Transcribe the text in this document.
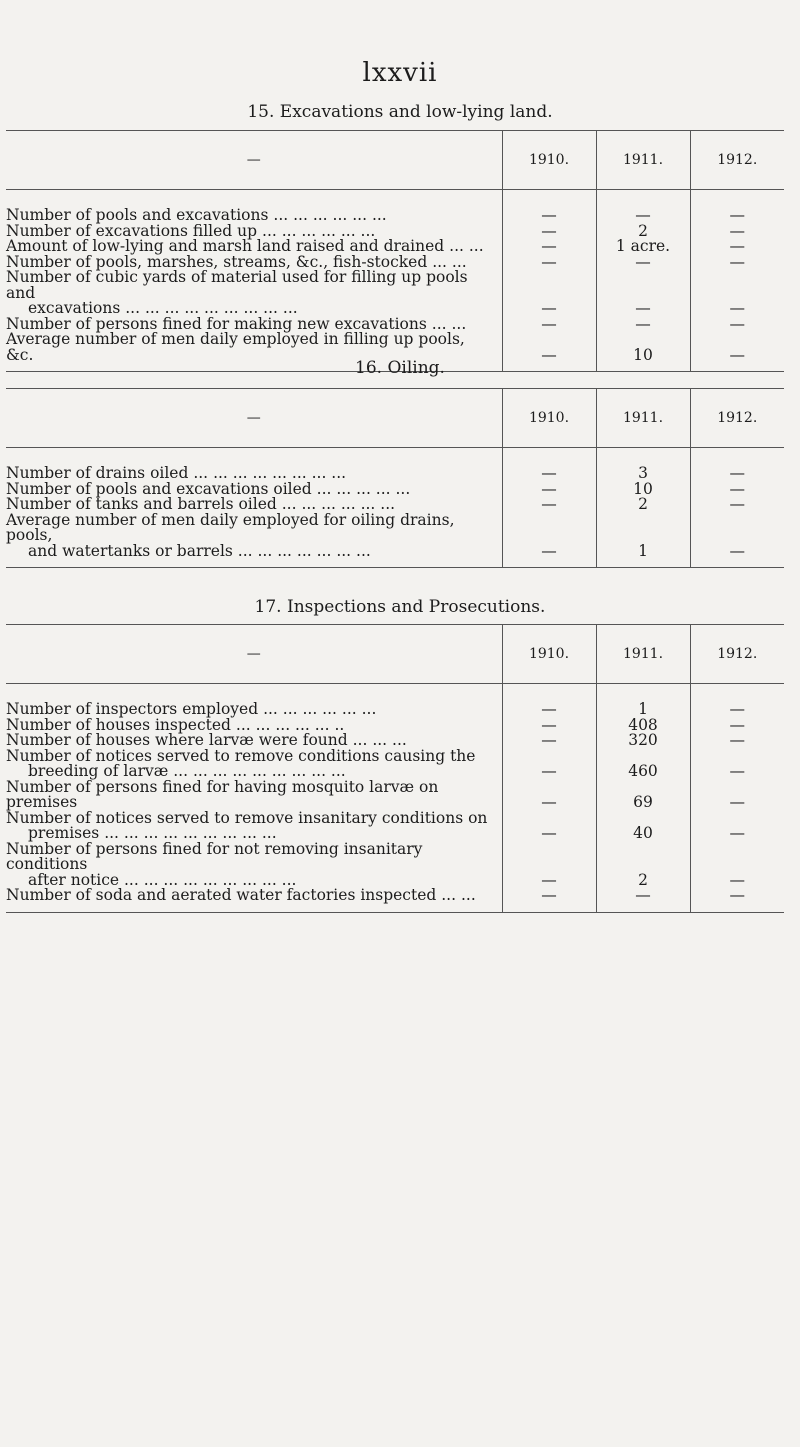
lxxvii
15. Excavations and low-lying land.
—	1910.	1911.	1912.
Number of pools and excavations ... ... ... ... ... ...	—	—	—
Number of excavations filled up ... ... ... ... ... ...	—	2	—
Amount of low-lying and marsh land raised and drained ... ...	—	1 acre.	—
Number of pools, marshes, streams, &c., fish-stocked ... ...	—	—	—
Number of cubic yards of material used for filling up pools and			
excavations ... ... ... ... ... ... ... ... ...	—	—	—
Number of persons fined for making new excavations ... ...	—	—	—
Average number of men daily employed in filling up pools, &c.	—	10	—
16. Oiling.
—	1910.	1911.	1912.
Number of drains oiled ... ... ... ... ... ... ... ...	—	3	—
Number of pools and excavations oiled ... ... ... ... ...	—	10	—
Number of tanks and barrels oiled ... ... ... ... ... ...	—	2	—
Average number of men daily employed for oiling drains, pools,			
and watertanks or barrels ... ... ... ... ... ... ...	—	1	—
17. Inspections and Prosecutions.
—	1910.	1911.	1912.
Number of inspectors employed ... ... ... ... ... ...	—	1	—
Number of houses inspected ... ... ... ... ... ..	—	408	—
Number of houses where larvæ were found ... ... ...	—	320	—
Number of notices served to remove conditions causing the			
breeding of larvæ ... ... ... ... ... ... ... ... ...	—	460	—
Number of persons fined for having mosquito larvæ on premises	—	69	—
Number of notices served to remove insanitary conditions on			
premises ... ... ... ... ... ... ... ... ...	—	40	—
Number of persons fined for not removing insanitary conditions			
after notice ... ... ... ... ... ... ... ... ...	—	2	—
Number of soda and aerated water factories inspected ... ...	—	—	—
